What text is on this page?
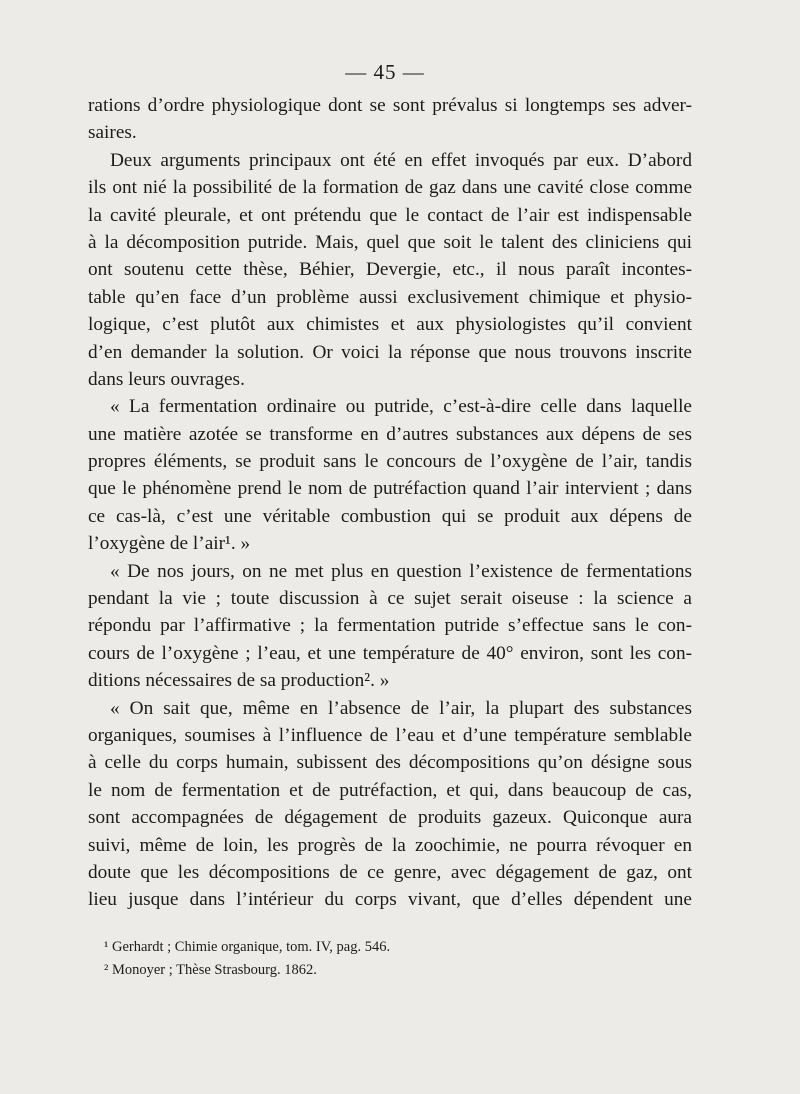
— 45 —
rations d’ordre physiologique dont se sont prévalus si longtemps ses adver-
saires.
Deux arguments principaux ont été en effet invoqués par eux. D’abord
ils ont nié la possibilité de la formation de gaz dans une cavité close comme
la cavité pleurale, et ont prétendu que le contact de l’air est indispensable
à la décomposition putride. Mais, quel que soit le talent des cliniciens qui
ont soutenu cette thèse, Béhier, Devergie, etc., il nous paraît incontes-
table qu’en face d’un problème aussi exclusivement chimique et physio-
logique, c’est plutôt aux chimistes et aux physiologistes qu’il convient
d’en demander la solution. Or voici la réponse que nous trouvons inscrite
dans leurs ouvrages.
« La fermentation ordinaire ou putride, c’est-à-dire celle dans laquelle
une matière azotée se transforme en d’autres substances aux dépens de ses
propres éléments, se produit sans le concours de l’oxygène de l’air, tandis
que le phénomène prend le nom de putréfaction quand l’air intervient ; dans
ce cas-là, c’est une véritable combustion qui se produit aux dépens de
l’oxygène de l’air¹. »
« De nos jours, on ne met plus en question l’existence de fermentations
pendant la vie ; toute discussion à ce sujet serait oiseuse : la science a
répondu par l’affirmative ; la fermentation putride s’effectue sans le con-
cours de l’oxygène ; l’eau, et une température de 40° environ, sont les con-
ditions nécessaires de sa production². »
« On sait que, même en l’absence de l’air, la plupart des substances
organiques, soumises à l’influence de l’eau et d’une température semblable
à celle du corps humain, subissent des décompositions qu’on désigne sous
le nom de fermentation et de putréfaction, et qui, dans beaucoup de cas,
sont accompagnées de dégagement de produits gazeux. Quiconque aura
suivi, même de loin, les progrès de la zoochimie, ne pourra révoquer en
doute que les décompositions de ce genre, avec dégagement de gaz, ont
lieu jusque dans l’intérieur du corps vivant, que d’elles dépendent une
¹ Gerhardt ; Chimie organique, tom. IV, pag. 546.
² Monoyer ; Thèse Strasbourg. 1862.
